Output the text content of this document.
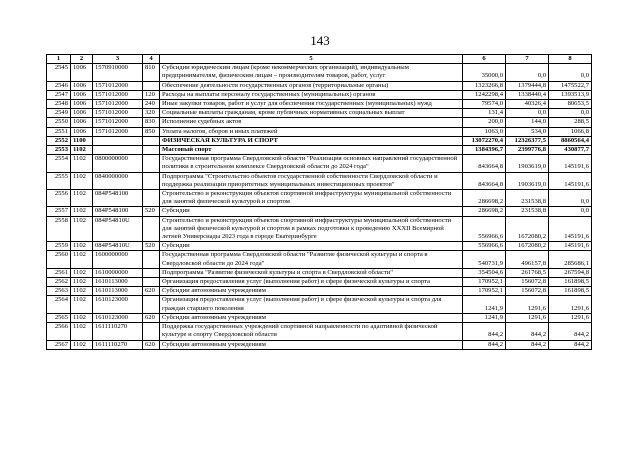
143
1	2	3	4	5	6	7	8
2545	1006	1570910000	810	Субсидии юридическим лицам (кроме некоммерческих организаций), индивидуальным предпринимателям, физическим лицам – производителям товаров, работ, услуг	35000,0	0,0	0,0
2546	1006	1571012000		Обеспечение деятельности государственных органов (территориальные органы)	1323266,8	1379444,8	1475522,7
2547	1006	1571012000	120	Расходы на выплаты персоналу государственных (муниципальных) органов	1242298,4	1338440,4	1393513,9
2548	1006	1571012000	240	Иные закупки товаров, работ и услуг для обеспечения государственных (муниципальных) нужд	79574,0	40326,4	80653,5
2549	1006	1571012000	320	Социальные выплаты гражданам, кроме публичных нормативных социальных выплат	131,4	0,0	0,0
2550	1006	1571012000	830	Исполнение судебных актов	200,0	144,0	288,5
2551	1006	1571012000	850	Уплата налогов, сборов и иных платежей	1063,0	534,0	1066,8
2552	1100			ФИЗИЧЕСКАЯ КУЛЬТУРА И СПОРТ	13072270,4	12326377,5	8860564,4
2553	1102			Массовый спорт	1384396,7	2399776,8	430877,7
2554	1102	0800000000		Государственная программа Свердловской области "Реализация основных направлений государственной политики в строительном комплексе Свердловской области до 2024 года"	843664,8	1903619,0	145191,6
2555	1102	0840000000		Подпрограмма "Строительство объектов государственной собственности Свердловской области и поддержка реализации приоритетных муниципальных инвестиционных проектов"	843664,8	1903619,0	145191,6
2556	1102	084P548100		Строительство и реконструкция объектов спортивной инфраструктуры муниципальной собственности для занятий физической культурой и спортом	286698,2	231538,8	0,0
2557	1102	084P548100	520	Субсидии	286698,2	231538,8	0,0
2558	1102	084P54810U		Строительство и реконструкция объектов спортивной инфраструктуры муниципальной собственности для занятий физической культурой и спортом в рамках подготовки к проведению XXXII Всемирной летней Универсиады 2023 года в городе Екатеринбурге	556966,6	1672080,2	145191,6
2559	1102	084P54810U	520	Субсидии	556966,6	1672080,2	145191,6
2560	1102	1600000000		Государственная программа Свердловской области "Развитие физической культуры и спорта в Свердловской области до 2024 года"	540731,9	496157,8	285686,1
2561	1102	1610000000		Подпрограмма "Развитие физической культуры и спорта в Свердловской области"	354504,6	261768,5	267594,8
2562	1102	1610113000		Организация предоставления услуг (выполнения работ) в сфере физической культуры и спорта	170952,1	156072,8	161898,5
2563	1102	1610113000	620	Субсидии автономным учреждениям	170952,1	156072,8	161898,5
2564	1102	1610123000		Организация предоставления услуг (выполнения работ) в сфере физической культуры и спорта для граждан старшего поколения	1241,9	1291,6	1291,6
2565	1102	1610123000	620	Субсидии автономным учреждениям	1241,9	1291,6	1291,6
2566	1102	1611110270		Поддержка государственных учреждений спортивной направленности по адаптивной физической культуре и спорту Свердловской области	844,2	844,2	844,2
2567	1102	1611110270	620	Субсидии автономным учреждениям	844,2	844,2	844,2
